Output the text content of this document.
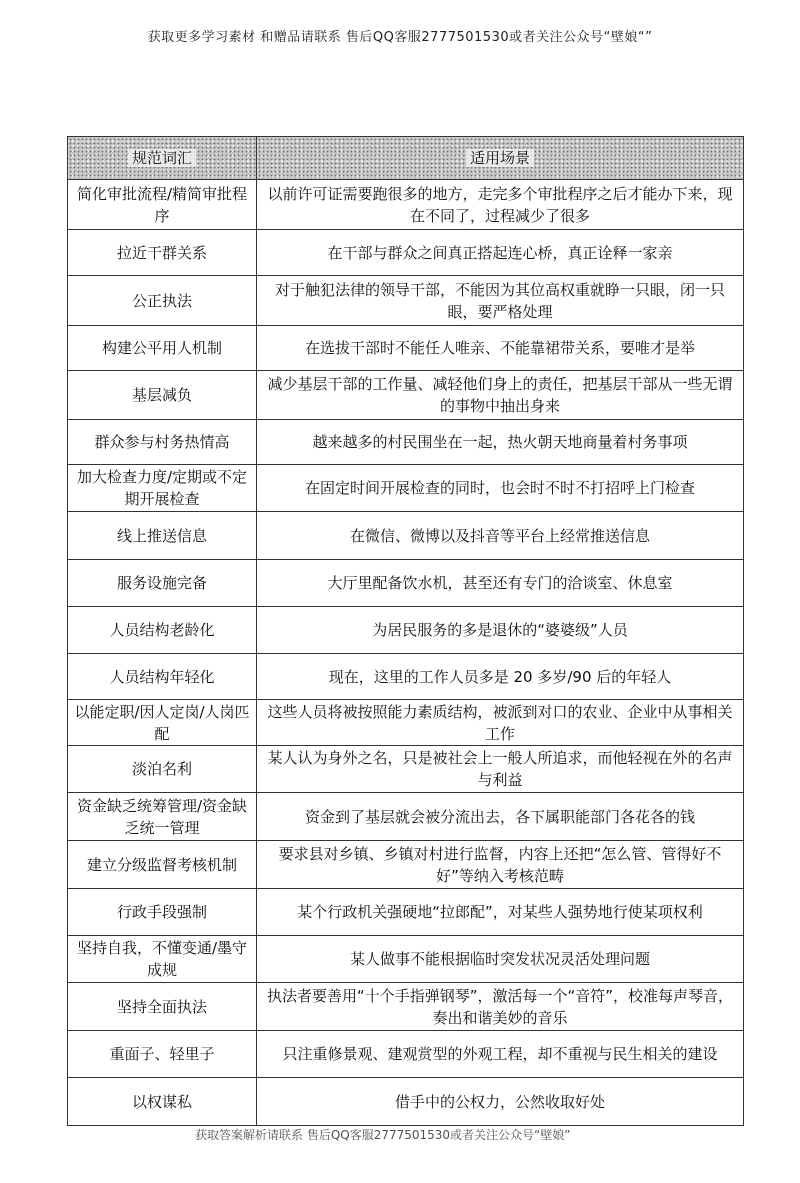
获取更多学习素材 和赠品请联系 售后QQ客服2777501530或者关注公众号“壁娘“”
规范词汇	适用场景
简化审批流程/精简审批程序	以前许可证需要跑很多的地方，走完多个审批程序之后才能办下来，现在不同了，过程减少了很多
拉近干群关系	在干部与群众之间真正搭起连心桥，真正诠释一家亲
公正执法	对于触犯法律的领导干部，不能因为其位高权重就睁一只眼，闭一只眼，要严格处理
构建公平用人机制	在选拔干部时不能任人唯亲、不能靠裙带关系，要唯才是举
基层减负	减少基层干部的工作量、减轻他们身上的责任，把基层干部从一些无谓的事物中抽出身来
群众参与村务热情高	越来越多的村民围坐在一起，热火朝天地商量着村务事项
加大检查力度/定期或不定期开展检查	在固定时间开展检查的同时，也会时不时不打招呼上门检查
线上推送信息	在微信、微博以及抖音等平台上经常推送信息
服务设施完备	大厅里配备饮水机，甚至还有专门的洽谈室、休息室
人员结构老龄化	为居民服务的多是退休的“婆婆级”人员
人员结构年轻化	现在，这里的工作人员多是 20 多岁/90 后的年轻人
以能定职/因人定岗/人岗匹配	这些人员将被按照能力素质结构，被派到对口的农业、企业中从事相关工作
淡泊名利	某人认为身外之名，只是被社会上一般人所追求，而他轻视在外的名声与利益
资金缺乏统筹管理/资金缺乏统一管理	资金到了基层就会被分流出去，各下属职能部门各花各的钱
建立分级监督考核机制	要求县对乡镇、乡镇对村进行监督，内容上还把“怎么管、管得好不好”等纳入考核范畴
行政手段强制	某个行政机关强硬地“拉郎配”，对某些人强势地行使某项权利
坚持自我，不懂变通/墨守成规	某人做事不能根据临时突发状况灵活处理问题
坚持全面执法	执法者要善用“十个手指弹钢琴”，激活每一个“音符”，校准每声琴音，奏出和谐美妙的音乐
重面子、轻里子	只注重修景观、建观赏型的外观工程，却不重视与民生相关的建设
以权谋私	借手中的公权力，公然收取好处
获取答案解析请联系 售后QQ客服2777501530或者关注公众号“壁娘”
